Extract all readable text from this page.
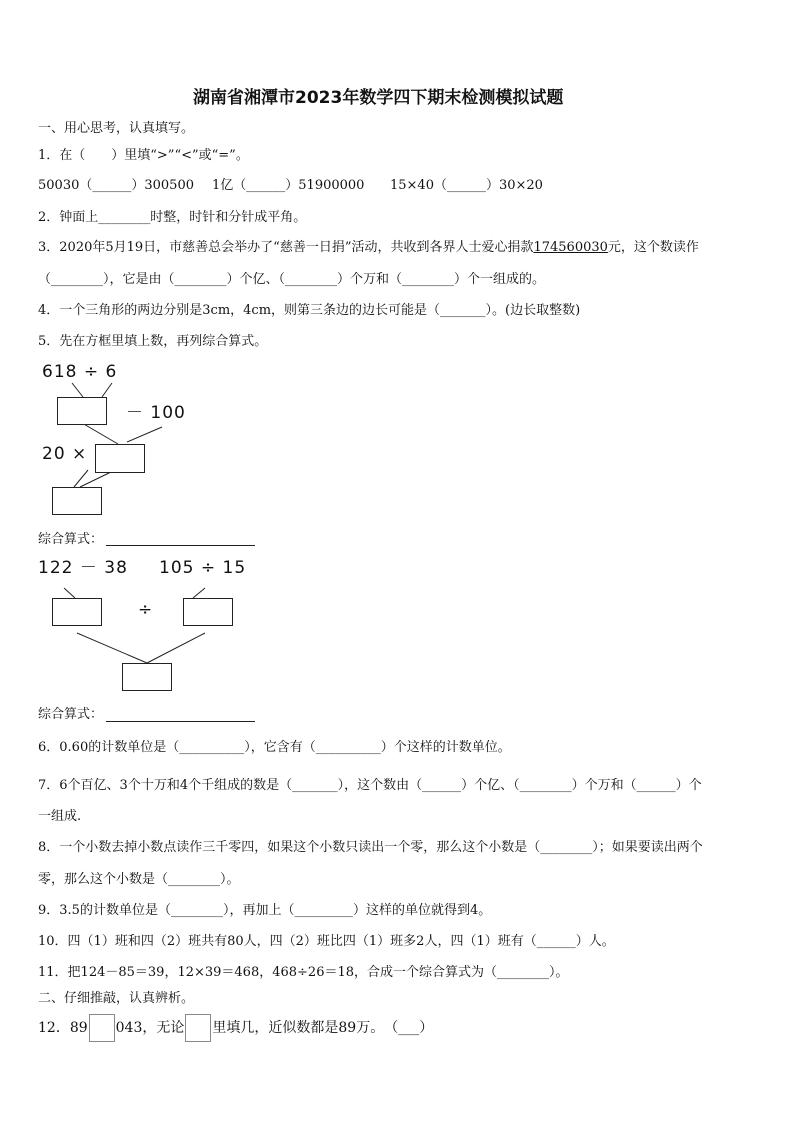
湖南省湘潭市2023年数学四下期末检测模拟试题
一、用心思考，认真填写。
1．在（　　）里填“>”“<”或“=”。
50030（______）300500 1亿（______）51900000 15×40（______）30×20
2．钟面上________时整，时针和分针成平角。
3．2020年5月19日，市慈善总会举办了“慈善一日捐”活动，共收到各界人士爱心捐款174560030元，这个数读作
（________），它是由（________）个亿、（________）个万和（________）个一组成的。
4．一个三角形的两边分别是3cm，4cm，则第三条边的边长可能是（_______）。(边长取整数)
5．先在方框里填上数，再列综合算式。
618 ÷ 6
－ 100
20 ×
综合算式：
122 － 38 105 ÷ 15
÷
综合算式：
6．0.60的计数单位是（__________），它含有（__________）个这样的计数单位。
7．6个百亿、3个十万和4个千组成的数是（_______），这个数由（______）个亿、（________）个万和（______）个
一组成.
8．一个小数去掉小数点读作三千零四，如果这个小数只读出一个零，那么这个小数是（________）；如果要读出两个
零，那么这个小数是（________）。
9．3.5的计数单位是（________），再加上（_________）这样的单位就得到4。
10．四（1）班和四（2）班共有80人，四（2）班比四（1）班多2人，四（1）班有（______）人。
11．把124－85＝39，12×39＝468，468÷26＝18，合成一个综合算式为（________）。
二、仔细推敲，认真辨析。
12．89 043，无论 里填几，近似数都是89万。　（___）
